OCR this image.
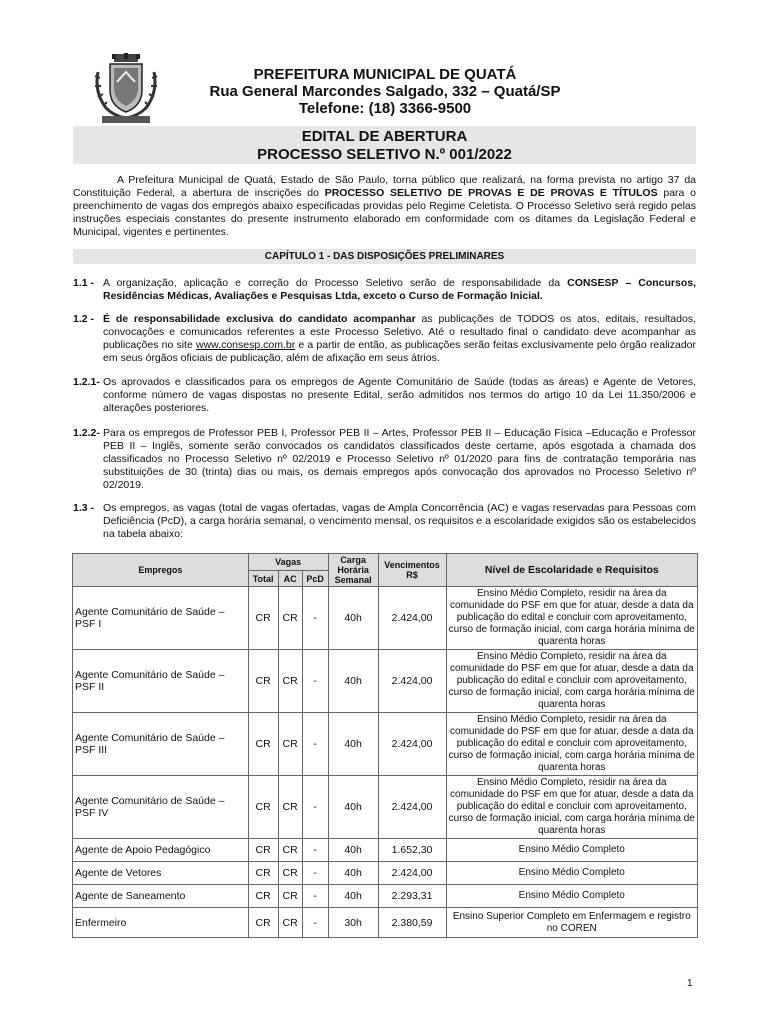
PREFEITURA MUNICIPAL DE QUATÁ
Rua General Marcondes Salgado, 332 – Quatá/SP
Telefone: (18) 3366-9500
EDITAL DE ABERTURA
PROCESSO SELETIVO N.º 001/2022
A Prefeitura Municipal de Quatá, Estado de São Paulo, torna público que realizará, na forma prevista no artigo 37 da Constituição Federal, a abertura de inscrições do PROCESSO SELETIVO DE PROVAS E DE PROVAS E TÍTULOS para o preenchimento de vagas dos empregos abaixo especificadas providas pelo Regime Celetista. O Processo Seletivo será regido pelas instruções especiais constantes do presente instrumento elaborado em conformidade com os ditames da Legislação Federal e Municipal, vigentes e pertinentes.
CAPÍTULO 1 - DAS DISPOSIÇÕES PRELIMINARES
1.1 - A organização, aplicação e correção do Processo Seletivo serão de responsabilidade da CONSESP – Concursos, Residências Médicas, Avaliações e Pesquisas Ltda, exceto o Curso de Formação Inicial.
1.2 - É de responsabilidade exclusiva do candidato acompanhar as publicações de TODOS os atos, editais, resultados, convocações e comunicados referentes a este Processo Seletivo. Até o resultado final o candidato deve acompanhar as publicações no site www.consesp.com.br e a partir de então, as publicações serão feitas exclusivamente pelo órgão realizador em seus órgãos oficiais de publicação, além de afixação em seus átrios.
1.2.1- Os aprovados e classificados para os empregos de Agente Comunitário de Saúde (todas as áreas) e Agente de Vetores, conforme número de vagas dispostas no presente Edital, serão admitidos nos termos do artigo 10 da Lei 11.350/2006 e alterações posteriores.
1.2.2- Para os empregos de Professor PEB I, Professor PEB II – Artes, Professor PEB II – Educação Física –Educação e Professor PEB II – Inglês, somente serão convocados os candidatos classificados deste certame, após esgotada a chamada dos classificados no Processo Seletivo nº 02/2019 e Processo Seletivo nº 01/2020 para fins de contratação temporária nas substituições de 30 (trinta) dias ou mais, os demais empregos após convocação dos aprovados no Processo Seletivo nº 02/2019.
1.3 - Os empregos, as vagas (total de vagas ofertadas, vagas de Ampla Concorrência (AC) e vagas reservadas para Pessoas com Deficiência (PcD), a carga horária semanal, o vencimento mensal, os requisitos e a escolaridade exigidos são os estabelecidos na tabela abaixo:
Empregos	Vagas			Carga Horária Semanal	Vencimentos R$	Nível de Escolaridade e Requisitos
	Total	AC	PcD			
Agente Comunitário de Saúde – PSF I	CR	CR	-	40h	2.424,00	Ensino Médio Completo, residir na área da comunidade do PSF em que for atuar, desde a data da publicação do edital e concluir com aproveitamento, curso de formação inicial, com carga horária mínima de quarenta horas
Agente Comunitário de Saúde – PSF II	CR	CR	-	40h	2.424,00	Ensino Médio Completo, residir na área da comunidade do PSF em que for atuar, desde a data da publicação do edital e concluir com aproveitamento, curso de formação inicial, com carga horária mínima de quarenta horas
Agente Comunitário de Saúde – PSF III	CR	CR	-	40h	2.424,00	Ensino Médio Completo, residir na área da comunidade do PSF em que for atuar, desde a data da publicação do edital e concluir com aproveitamento, curso de formação inicial, com carga horária mínima de quarenta horas
Agente Comunitário de Saúde – PSF IV	CR	CR	-	40h	2.424,00	Ensino Médio Completo, residir na área da comunidade do PSF em que for atuar, desde a data da publicação do edital e concluir com aproveitamento, curso de formação inicial, com carga horária mínima de quarenta horas
Agente de Apoio Pedagógico	CR	CR	-	40h	1.652,30	Ensino Médio Completo
Agente de Vetores	CR	CR	-	40h	2.424,00	Ensino Médio Completo
Agente de Saneamento	CR	CR	-	40h	2.293,31	Ensino Médio Completo
Enfermeiro	CR	CR	-	30h	2.380,59	Ensino Superior Completo em Enfermagem e registro no COREN
1
